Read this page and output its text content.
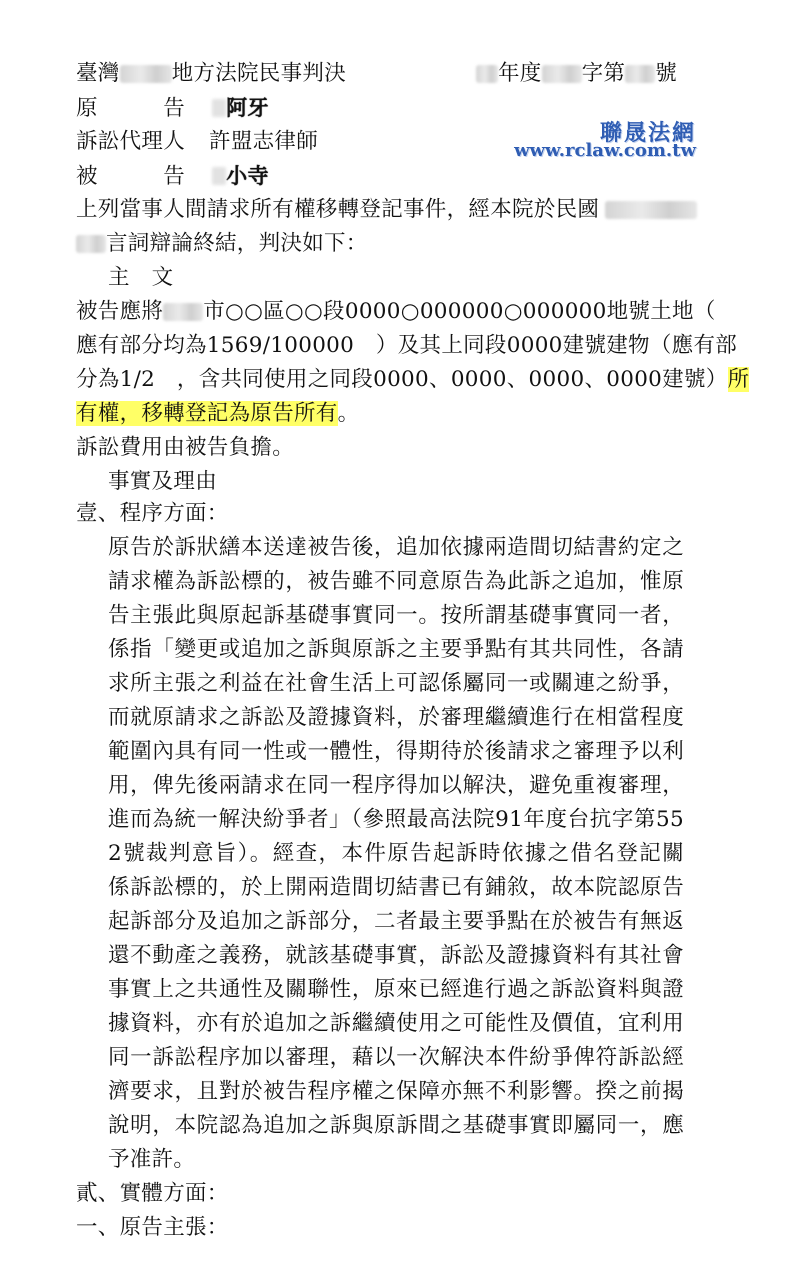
臺灣 地方法院民事判決	年度 字第 號
原　　　告 阿牙
訴訟代理人 許盟志律師
被　　　告 小寺
聯晟法網
www.rclaw.com.tw
上列當事人間請求所有權移轉登記事件，經本院於民國
言詞辯論終結，判決如下：
主　文
被告應將 市○○區○○段0000○000000○000000地號土地（
應有部分均為1569/100000　）及其上同段0000建號建物（應有部
分為1/2　，含共同使用之同段0000、0000、0000、0000建號）所
有權，移轉登記為原告所有。
訴訟費用由被告負擔。
事實及理由
壹、程序方面：
原告於訴狀繕本送達被告後，追加依據兩造間切結書約定之
請求權為訴訟標的，被告雖不同意原告為此訴之追加，惟原
告主張此與原起訴基礎事實同一。按所謂基礎事實同一者，
係指「變更或追加之訴與原訴之主要爭點有其共同性，各請
求所主張之利益在社會生活上可認係屬同一或關連之紛爭，
而就原請求之訴訟及證據資料，於審理繼續進行在相當程度
範圍內具有同一性或一體性，得期待於後請求之審理予以利
用，俾先後兩請求在同一程序得加以解決，避免重複審理，
進而為統一解決紛爭者」（參照最高法院91年度台抗字第55
2號裁判意旨）。經查，本件原告起訴時依據之借名登記關
係訴訟標的，於上開兩造間切結書已有鋪敘，故本院認原告
起訴部分及追加之訴部分，二者最主要爭點在於被告有無返
還不動產之義務，就該基礎事實，訴訟及證據資料有其社會
事實上之共通性及關聯性，原來已經進行過之訴訟資料與證
據資料，亦有於追加之訴繼續使用之可能性及價值，宜利用
同一訴訟程序加以審理，藉以一次解決本件紛爭俾符訴訟經
濟要求，且對於被告程序權之保障亦無不利影響。揆之前揭
說明，本院認為追加之訴與原訴間之基礎事實即屬同一，應
予准許。
貳、實體方面：
一、原告主張：
